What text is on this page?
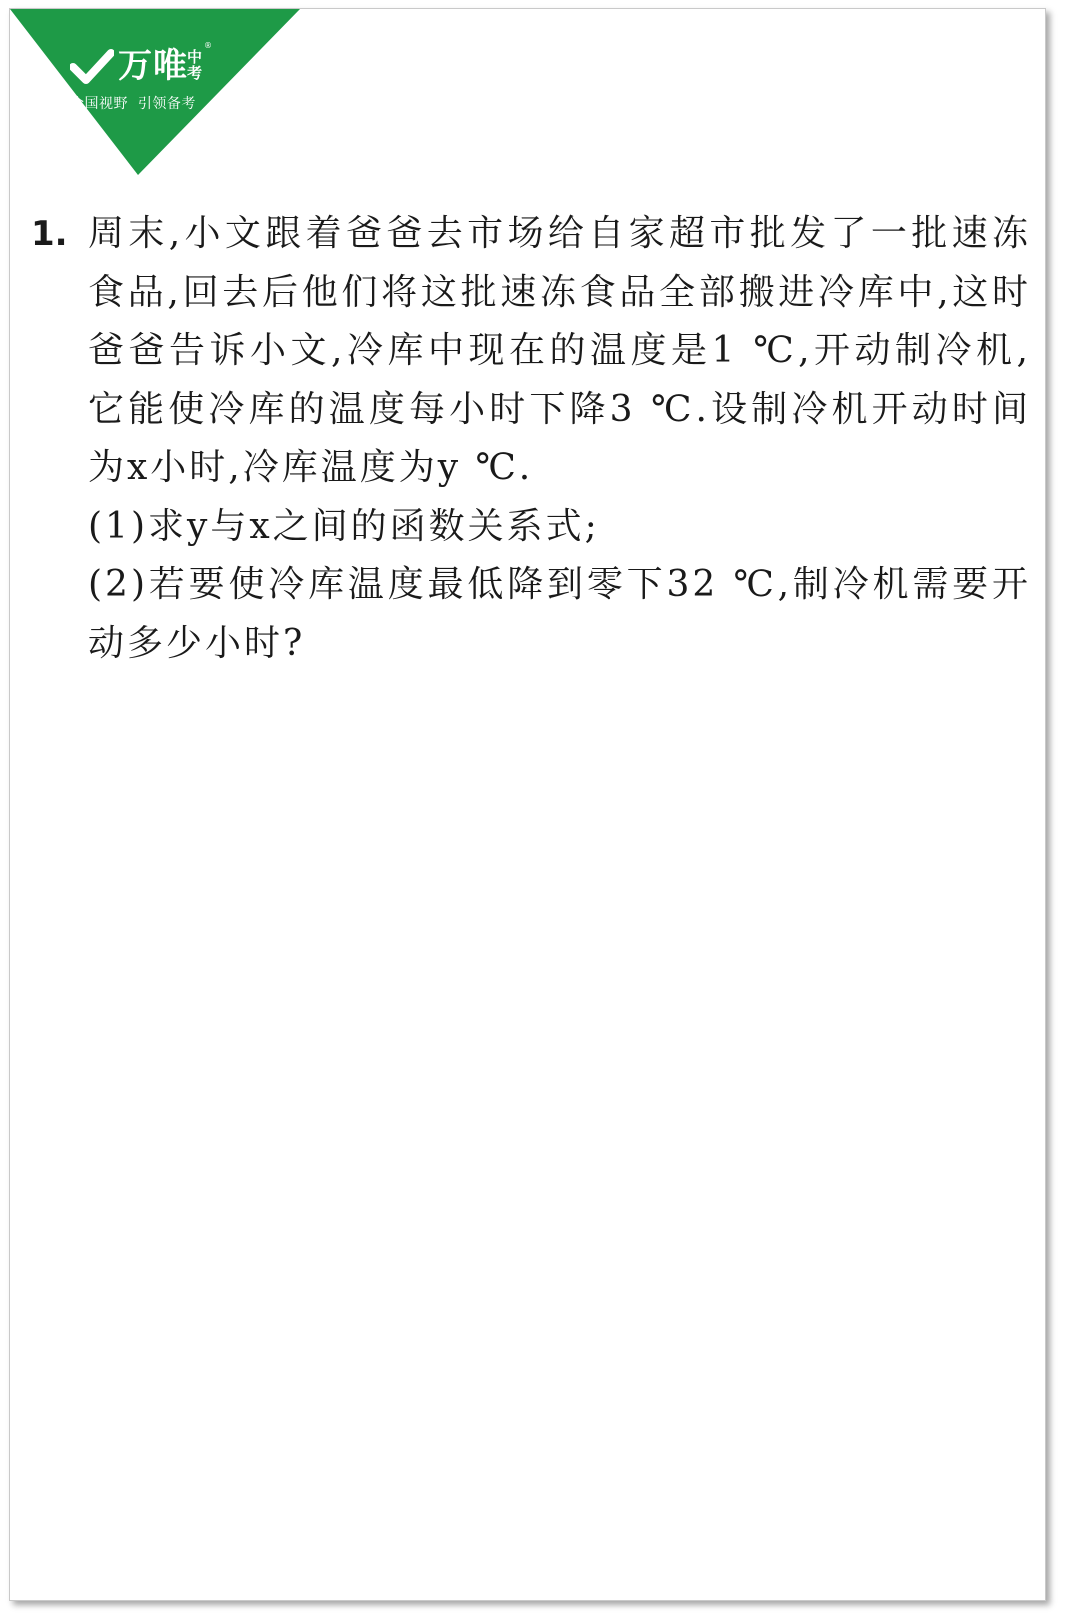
万唯 中考
®
全国视野  引领备考
1. 周末,小文跟着爸爸去市场给自家超市批发了一批速冻食品,回去后他们将这批速冻食品全部搬进冷库中,这时爸爸告诉小文,冷库中现在的温度是1 ℃,开动制冷机,它能使冷库的温度每小时下降3 ℃.设制冷机开动时间为x小时,冷库温度为y ℃.
(1)求y与x之间的函数关系式;
(2)若要使冷库温度最低降到零下32 ℃,制冷机需要开动多少小时?
